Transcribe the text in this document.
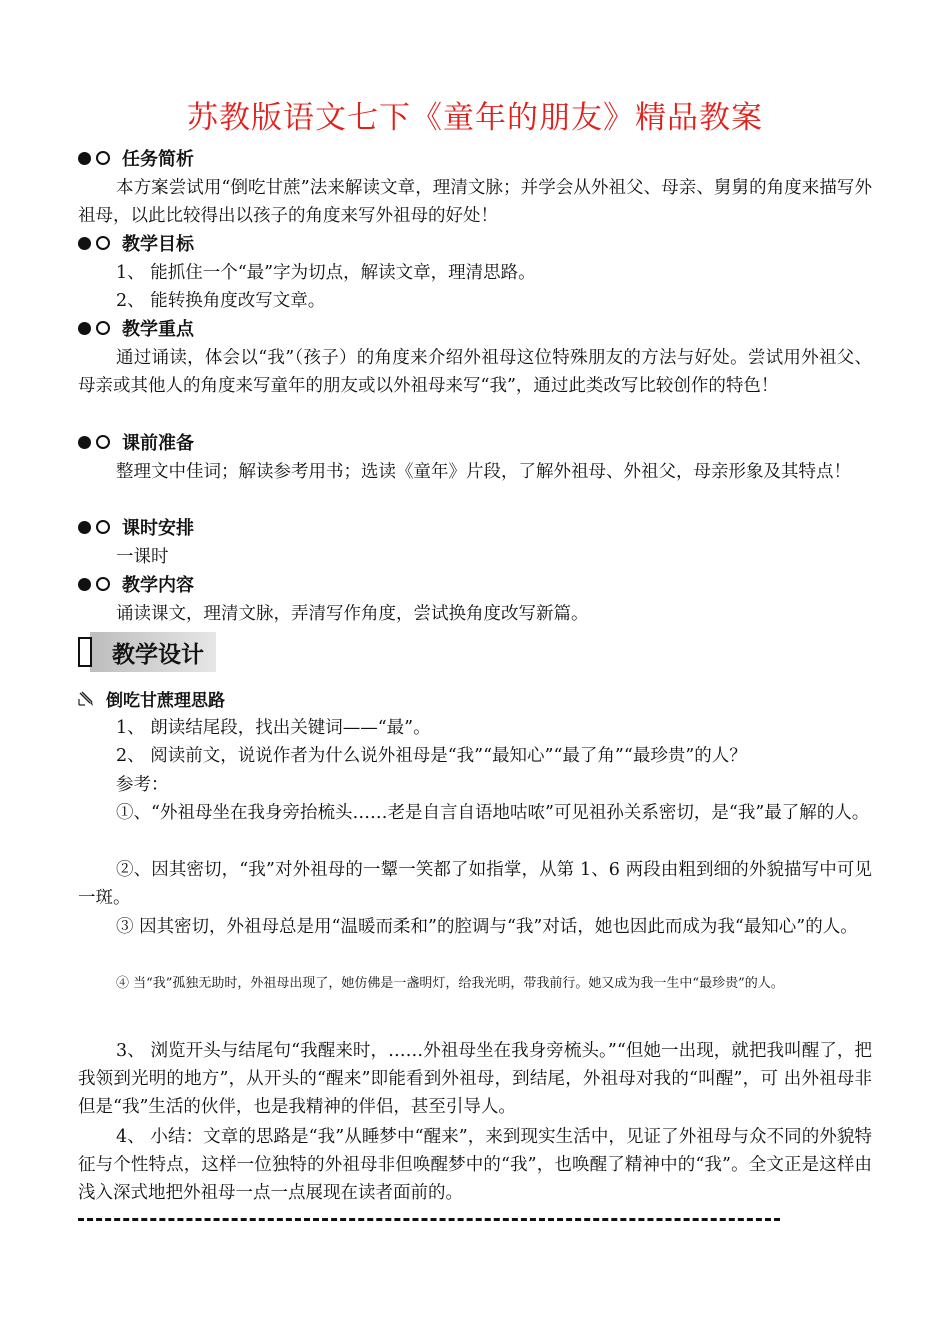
苏教版语文七下《童年的朋友》精品教案
任务简析
本方案尝试用“倒吃甘蔗”法来解读文章，理清文脉；并学会从外祖父、母亲、舅舅的角度来描写外祖母，以此比较得出以孩子的角度来写外祖母的好处！
教学目标
1、 能抓住一个“最”字为切点，解读文章，理清思路。
2、 能转换角度改写文章。
教学重点
通过诵读，体会以“我”（孩子）的角度来介绍外祖母这位特殊朋友的方法与好处。尝试用外祖父、母亲或其他人的角度来写童年的朋友或以外祖母来写“我”，通过此类改写比较创作的特色！
课前准备
整理文中佳词；解读参考用书；选读《童年》片段，了解外祖母、外祖父，母亲形象及其特点！
课时安排
一课时
教学内容
诵读课文，理清文脉，弄清写作角度，尝试换角度改写新篇。
教学设计
倒吃甘蔗理思路
1、 朗读结尾段，找出关键词——“最”。
2、 阅读前文，说说作者为什么说外祖母是“我”“最知心”“最了角”“最珍贵”的人？
参考：
①、“外祖母坐在我身旁抬梳头……老是自言自语地咕哝”可见祖孙关系密切，是“我”最了解的人。
②、因其密切，“我”对外祖母的一颦一笑都了如指掌，从第 1、6 两段由粗到细的外貌描写中可见一斑。
③ 因其密切，外祖母总是用“温暖而柔和”的腔调与“我”对话，她也因此而成为我“最知心”的人。
④ 当“我”孤独无助时，外祖母出现了，她仿佛是一盏明灯，给我光明，带我前行。她又成为我一生中“最珍贵”的人。
3、 浏览开头与结尾句“我醒来时，……外祖母坐在我身旁梳头。”“但她一出现，就把我叫醒了，把我领到光明的地方”，从开头的“醒来”即能看到外祖母，到结尾，外祖母对我的“叫醒”，可 出外祖母非但是“我”生活的伙伴，也是我精神的伴侣，甚至引导人。
4、 小结：文章的思路是“我”从睡梦中“醒来”，来到现实生活中，见证了外祖母与众不同的外貌特征与个性特点，这样一位独特的外祖母非但唤醒梦中的“我”，也唤醒了精神中的“我”。全文正是这样由浅入深式地把外祖母一点一点展现在读者面前的。
